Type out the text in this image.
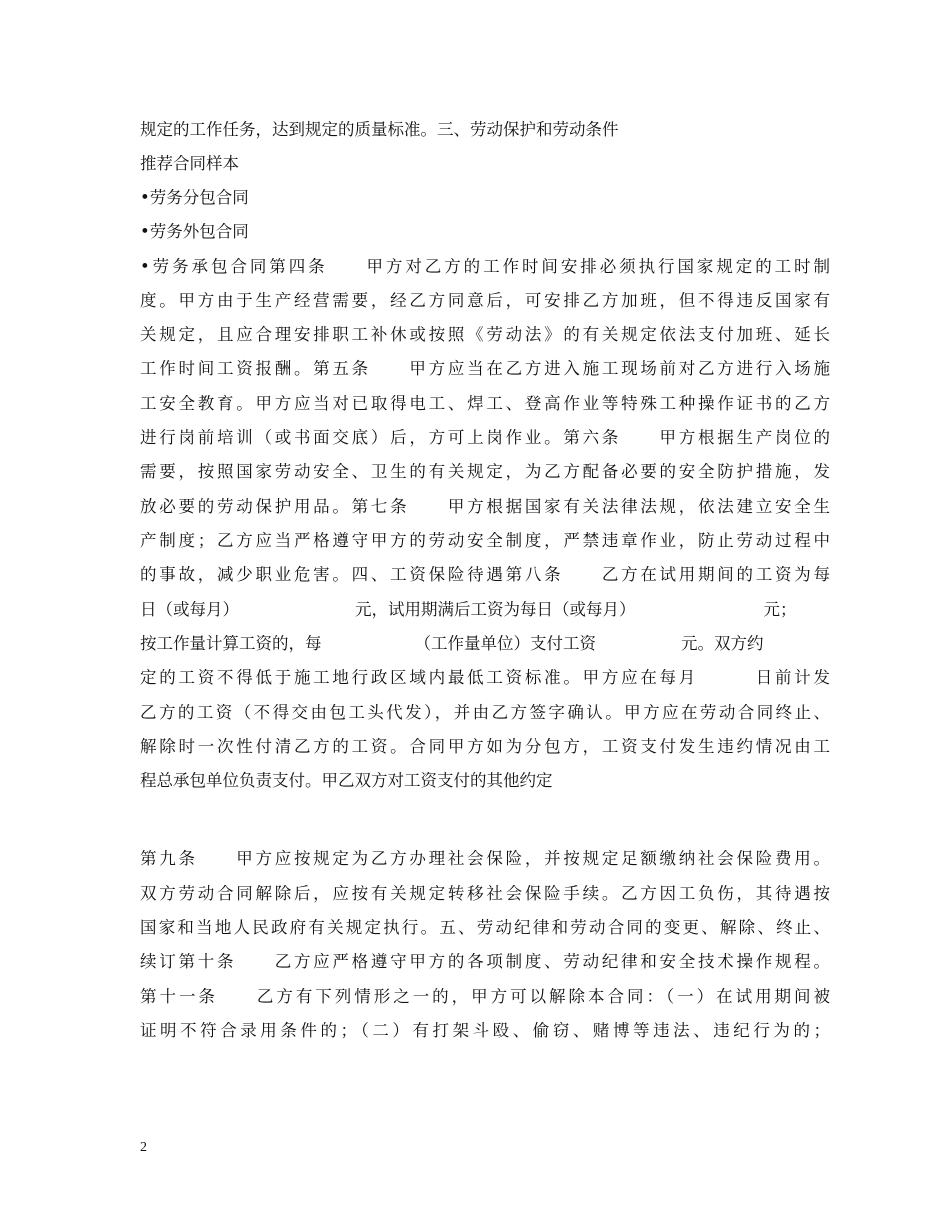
规定的工作任务，达到规定的质量标准。三、劳动保护和劳动条件
推荐合同样本
•劳务分包合同
•劳务外包合同
•劳务承包合同第四条　　甲方对乙方的工作时间安排必须执行国家规定的工时制
度。甲方由于生产经营需要，经乙方同意后，可安排乙方加班，但不得违反国家有
关规定，且应合理安排职工补休或按照《劳动法》的有关规定依法支付加班、延长
工作时间工资报酬。第五条　　甲方应当在乙方进入施工现场前对乙方进行入场施
工安全教育。甲方应当对已取得电工、焊工、登高作业等特殊工种操作证书的乙方
进行岗前培训（或书面交底）后，方可上岗作业。第六条　　甲方根据生产岗位的
需要，按照国家劳动安全、卫生的有关规定，为乙方配备必要的安全防护措施，发
放必要的劳动保护用品。第七条　　甲方根据国家有关法律法规，依法建立安全生
产制度；乙方应当严格遵守甲方的劳动安全制度，严禁违章作业，防止劳动过程中
的事故，减少职业危害。四、工资保险待遇第八条　　乙方在试用期间的工资为每
日（或每月）	元，试用期满后工资为每日（或每月）	元；
按工作量计算工资的，每	（工作量单位）支付工资	元。双方约
定的工资不得低于施工地行政区域内最低工资标准。甲方应在每月　　　日前计发
乙方的工资（不得交由包工头代发），并由乙方签字确认。甲方应在劳动合同终止、
解除时一次性付清乙方的工资。合同甲方如为分包方，工资支付发生违约情况由工
程总承包单位负责支付。甲乙双方对工资支付的其他约定
第九条　　甲方应按规定为乙方办理社会保险，并按规定足额缴纳社会保险费用。
双方劳动合同解除后，应按有关规定转移社会保险手续。乙方因工负伤，其待遇按
国家和当地人民政府有关规定执行。五、劳动纪律和劳动合同的变更、解除、终止、
续订第十条　　乙方应严格遵守甲方的各项制度、劳动纪律和安全技术操作规程。
第十一条　　乙方有下列情形之一的，甲方可以解除本合同：（一）在试用期间被
证明不符合录用条件的；（二）有打架斗殴、偷窃、赌博等违法、违纪行为的；
2
